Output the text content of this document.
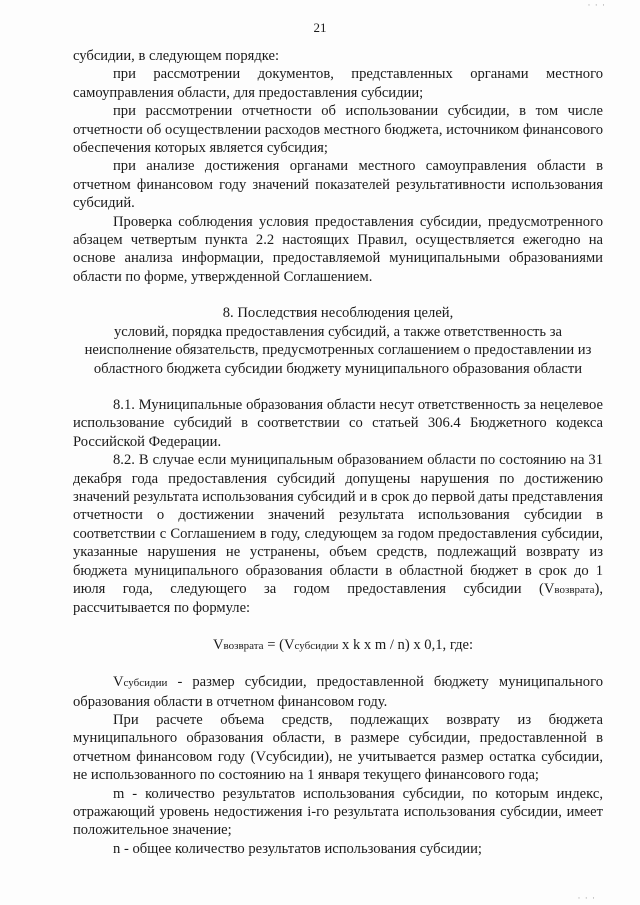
· · ·
21

субсидии, в следующем порядке:

при рассмотрении документов, представленных органами местного самоуправления области, для предоставления субсидии;

при рассмотрении отчетности об использовании субсидии, в том числе отчетности об осуществлении расходов местного бюджета, источником финансового обеспечения которых является субсидия;

при анализе достижения органами местного самоуправления области в отчетном финансовом году значений показателей результативности использования субсидий.

Проверка соблюдения условия предоставления субсидии, предусмотренного абзацем четвертым пункта 2.2 настоящих Правил, осуществляется ежегодно на основе анализа информации, предоставляемой муниципальными образованиями области по форме, утвержденной Соглашением.

8. Последствия несоблюдения целей,

условий, порядка предоставления субсидий, а также ответственность за неисполнение обязательств, предусмотренных соглашением о предоставлении из областного бюджета субсидии бюджету муниципального образования области

8.1. Муниципальные образования области несут ответственность за нецелевое использование субсидий в соответствии со статьей 306.4 Бюджетного кодекса Российской Федерации.

8.2. В случае если муниципальным образованием области по состоянию на 31 декабря года предоставления субсидий допущены нарушения по достижению значений результата использования субсидий и в срок до первой даты представления отчетности о достижении значений результата использования субсидии в соответствии с Соглашением в году, следующем за годом предоставления субсидии, указанные нарушения не устранены, объем средств, подлежащий возврату из бюджета муниципального образования области в областной бюджет в срок до 1 июля года, следующего за годом предоставления субсидии (Vвозврата), рассчитывается по формуле:

Vвозврата = (Vсубсидии x k x m / n) x 0,1, где:

Vсубсидии - размер субсидии, предоставленной бюджету муниципального образования области в отчетном финансовом году.

При расчете объема средств, подлежащих возврату из бюджета муниципального образования области, в размере субсидии, предоставленной в отчетном финансовом году (Vсубсидии), не учитывается размер остатка субсидии, не использованного по состоянию на 1 января текущего финансового года;

m - количество результатов использования субсидии, по которым индекс, отражающий уровень недостижения i-го результата использования субсидии, имеет положительное значение;

n - общее количество результатов использования субсидии;

· · ·
